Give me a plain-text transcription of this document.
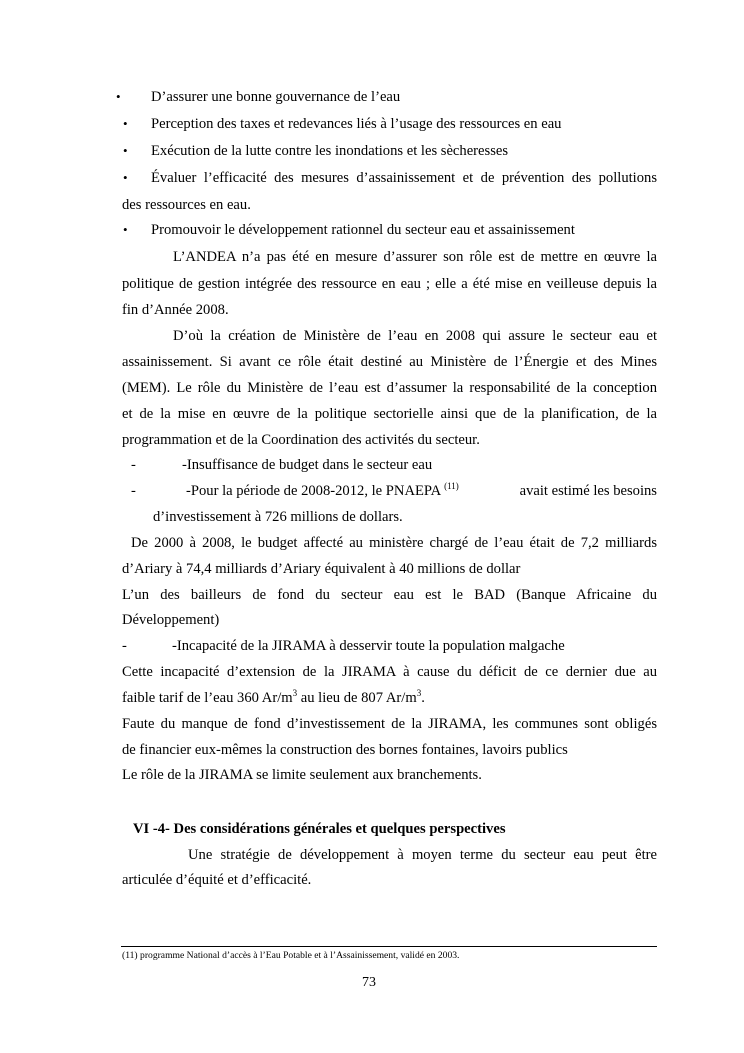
• D’assurer une bonne gouvernance de l’eau
• Perception des taxes et redevances liés à l’usage des ressources en eau
• Exécution de la lutte contre les inondations et les sècheresses
• Évaluer l’efficacité des mesures d’assainissement et de prévention des pollutions
des ressources en eau.
• Promouvoir le développement rationnel du secteur eau et assainissement
L’ANDEA n’a pas été en mesure d’assurer son rôle est de mettre en œuvre la
politique de gestion intégrée des ressource en eau ; elle a été mise en veilleuse depuis la
fin d’Année 2008.
D’où la création de Ministère de l’eau en 2008 qui assure le secteur eau et
assainissement. Si avant ce rôle était destiné au Ministère de l’Énergie et des Mines
(MEM). Le rôle du Ministère de l’eau est d’assumer la responsabilité de la conception
et de la mise en œuvre de la politique sectorielle ainsi que de la planification, de la
programmation et de la Coordination des activités du secteur.
-	-Insuffisance de budget dans le secteur eau
-	-Pour la période de 2008-2012, le PNAEPA $^{(11)}$	avait estimé les besoins
d’investissement à 726 millions de dollars.
De 2000 à 2008, le budget affecté au ministère chargé de l’eau était de 7,2 milliards
d’Ariary à 74,4 milliards d’Ariary équivalent à 40 millions de dollar
L’un des bailleurs de fond du secteur eau est le BAD (Banque Africaine du
Développement)
-	-Incapacité de la JIRAMA à desservir toute la population malgache
Cette incapacité d’extension de la JIRAMA à cause du déficit de ce dernier due au
faible tarif de l’eau 360 $Ar/m^3$ au lieu de 807 $Ar/m^3$.
Faute du manque de fond d’investissement de la JIRAMA, les communes sont obligés
de financier eux-mêmes la construction des bornes fontaines, lavoirs publics
Le rôle de la JIRAMA se limite seulement aux branchements.
VI -4- Des considérations générales et quelques perspectives
Une stratégie de développement à moyen terme du secteur eau peut être
articulée d’équité et d’efficacité.
(11) programme National d’accès à l’Eau Potable et à l’Assainissement, validé en 2003.
73
